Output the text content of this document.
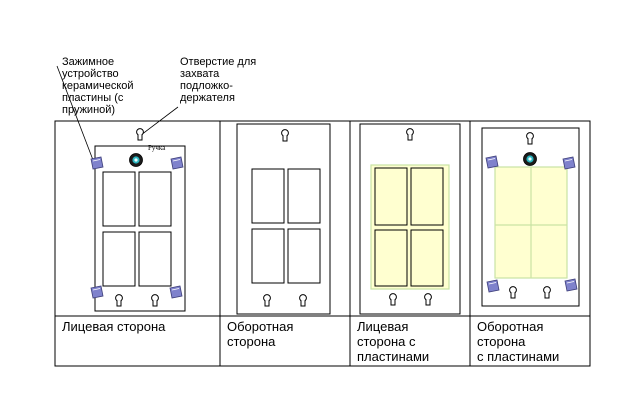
Зажимное
устройство
керамической
пластины (с
пружиной)
Отверстие для
захвата
подложко-
держателя
Ручка
Лицевая сторона	Оборотная
сторона
Лицевая
сторона с
пластинами
Оборотная
сторона
с пластинами
